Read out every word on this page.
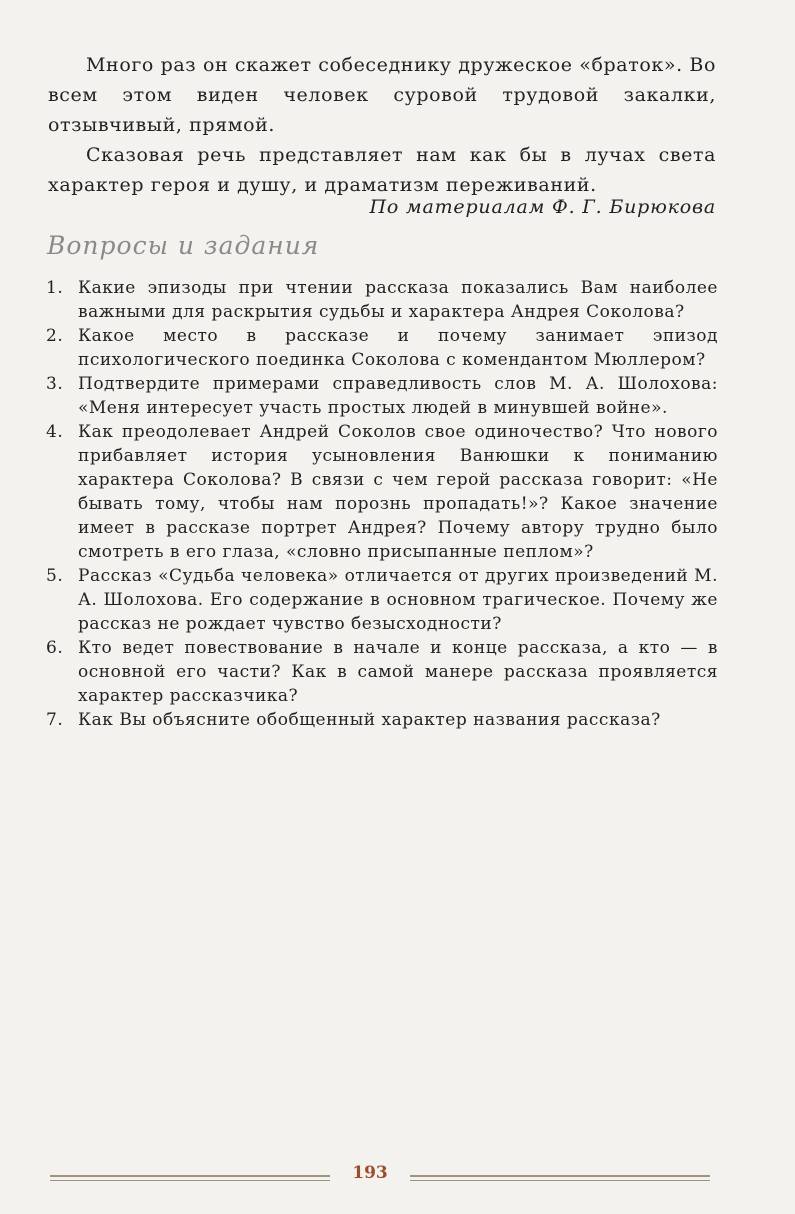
Много раз он скажет собеседнику дружеское «браток». Во всем этом виден человек суровой трудовой закалки, отзывчивый, прямой.

Сказовая речь представляет нам как бы в лучах света характер героя и душу, и драматизм переживаний.

По материалам Ф. Г. Бирюкова
Вопросы и задания
1. Какие эпизоды при чтении рассказа показались Вам наиболее важными для раскрытия судьбы и характера Андрея Соколова?
2. Какое место в рассказе и почему занимает эпизод психологического поединка Соколова с комендантом Мюллером?
3. Подтвердите примерами справедливость слов М. А. Шолохова: «Меня интересует участь простых людей в минувшей войне».
4. Как преодолевает Андрей Соколов свое одиночество? Что нового прибавляет история усыновления Ванюшки к пониманию характера Соколова? В связи с чем герой рассказа говорит: «Не бывать тому, чтобы нам порознь пропадать!»? Какое значение имеет в рассказе портрет Андрея? Почему автору трудно было смотреть в его глаза, «словно присыпанные пеплом»?
5. Рассказ «Судьба человека» отличается от других произведений М. А. Шолохова. Его содержание в основном трагическое. Почему же рассказ не рождает чувство безысходности?
6. Кто ведет повествование в начале и конце рассказа, а кто — в основной его части? Как в самой манере рассказа проявляется характер рассказчика?
7. Как Вы объясните обобщенный характер названия рассказа?
193
